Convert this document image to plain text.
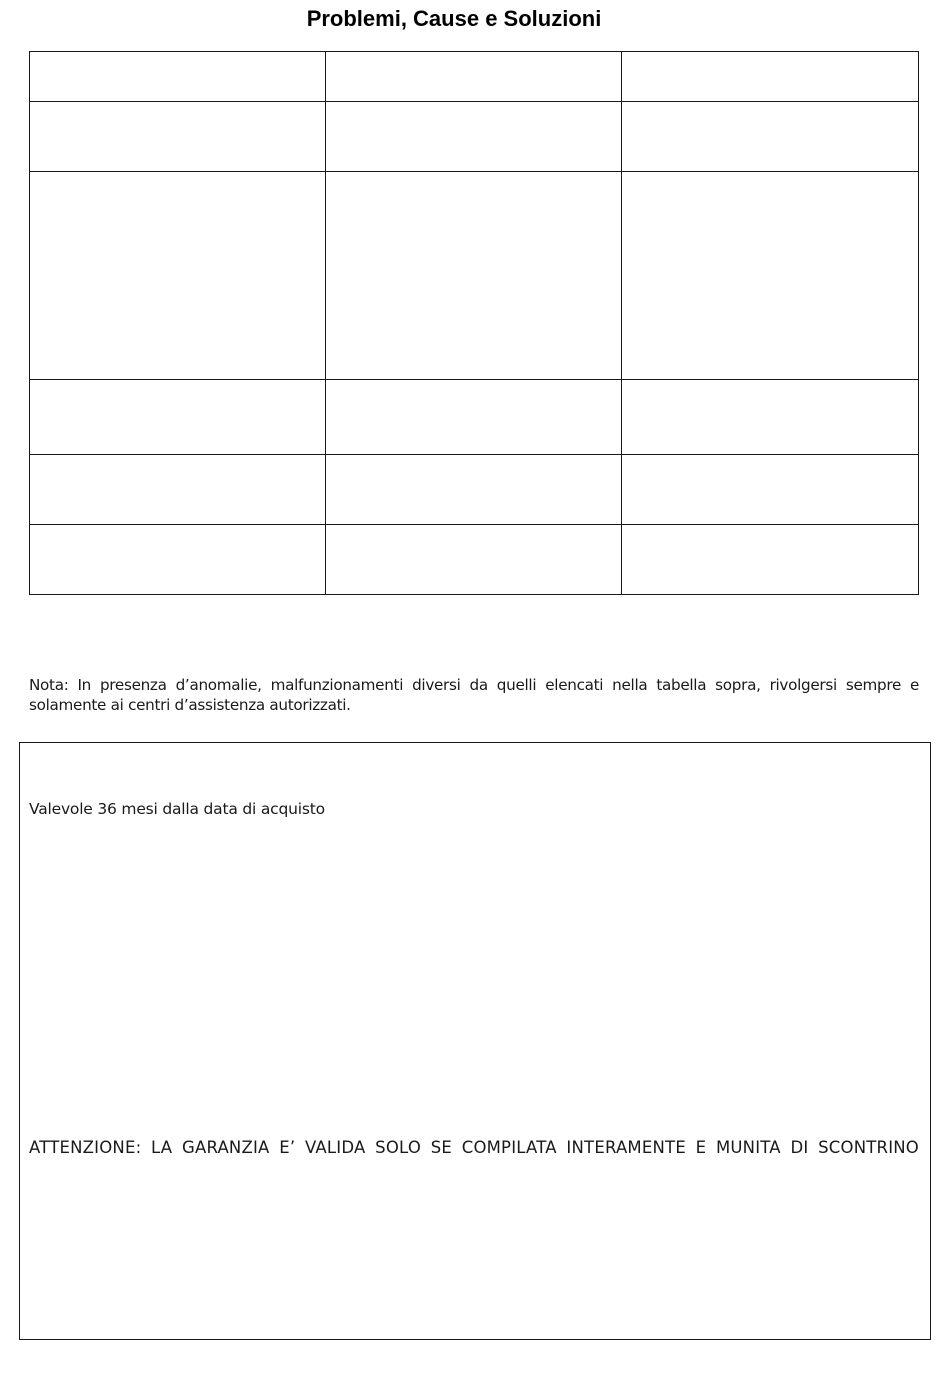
Problemi, Cause e Soluzioni

Nota: In presenza d’anomalie, malfunzionamenti diversi da quelli elencati nella tabella sopra, rivolgersi sempre e solamente ai centri d’assistenza autorizzati.

Valevole 36 mesi dalla data di acquisto

ATTENZIONE: LA GARANZIA E’ VALIDA SOLO SE COMPILATA INTERAMENTE E MUNITA DI SCONTRINO
